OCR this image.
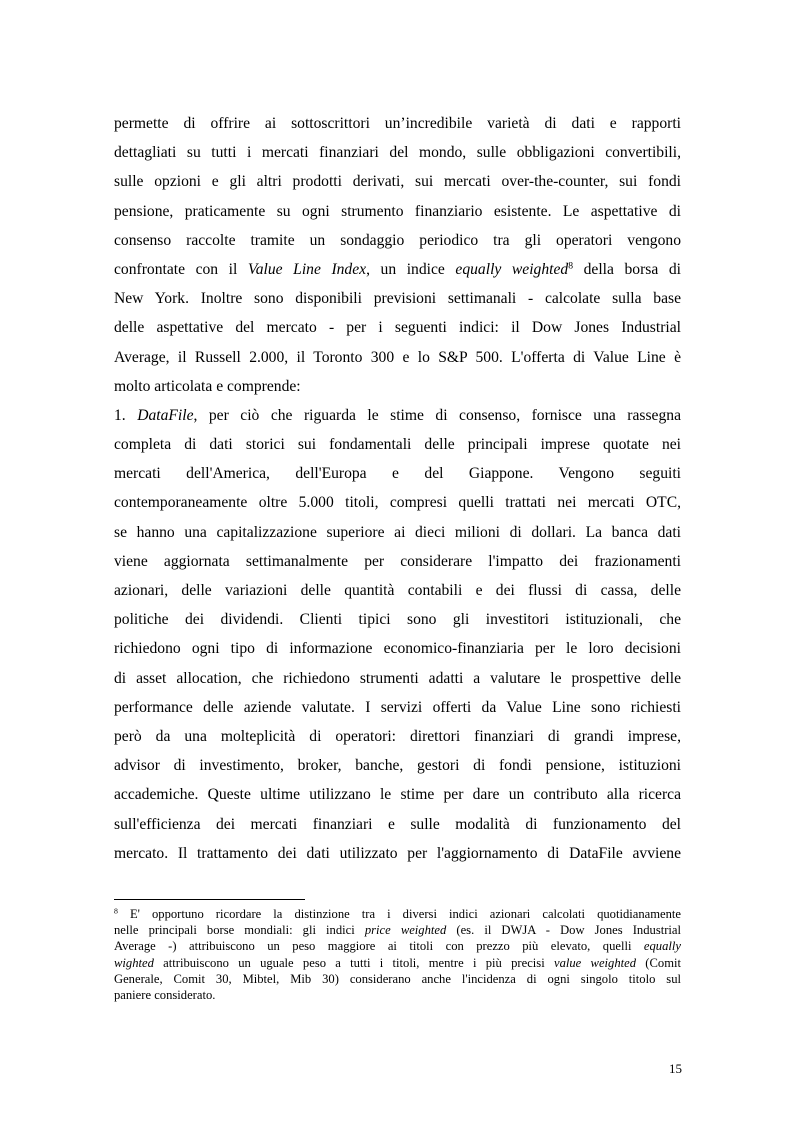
permette di offrire ai sottoscrittori un’incredibile varietà di dati e rapporti
dettagliati su tutti i mercati finanziari del mondo, sulle obbligazioni convertibili,
sulle opzioni e gli altri prodotti derivati, sui mercati over-the-counter, sui fondi
pensione, praticamente su ogni strumento finanziario esistente. Le aspettative di
consenso raccolte tramite un sondaggio periodico tra gli operatori vengono
confrontate con il Value Line Index, un indice equally weighted$^8$ della borsa di
New York. Inoltre sono disponibili previsioni settimanali - calcolate sulla base
delle aspettative del mercato - per i seguenti indici: il Dow Jones Industrial
Average, il Russell 2.000, il Toronto 300 e lo S&P 500. L'offerta di Value Line è
molto articolata e comprende:
1. DataFile, per ciò che riguarda le stime di consenso, fornisce una rassegna
completa di dati storici sui fondamentali delle principali imprese quotate nei
mercati dell'America, dell'Europa e del Giappone. Vengono seguiti
contemporaneamente oltre 5.000 titoli, compresi quelli trattati nei mercati OTC,
se hanno una capitalizzazione superiore ai dieci milioni di dollari. La banca dati
viene aggiornata settimanalmente per considerare l'impatto dei frazionamenti
azionari, delle variazioni delle quantità contabili e dei flussi di cassa, delle
politiche dei dividendi. Clienti tipici sono gli investitori istituzionali, che
richiedono ogni tipo di informazione economico-finanziaria per le loro decisioni
di asset allocation, che richiedono strumenti adatti a valutare le prospettive delle
performance delle aziende valutate. I servizi offerti da Value Line sono richiesti
però da una molteplicità di operatori: direttori finanziari di grandi imprese,
advisor di investimento, broker, banche, gestori di fondi pensione, istituzioni
accademiche. Queste ultime utilizzano le stime per dare un contributo alla ricerca
sull'efficienza dei mercati finanziari e sulle modalità di funzionamento del
mercato. Il trattamento dei dati utilizzato per l'aggiornamento di DataFile avviene
$^8$ E' opportuno ricordare la distinzione tra i diversi indici azionari calcolati quotidianamente
nelle principali borse mondiali: gli indici price weighted (es. il DWJA - Dow Jones Industrial
Average -) attribuiscono un peso maggiore ai titoli con prezzo più elevato, quelli equally
wighted attribuiscono un uguale peso a tutti i titoli, mentre i più precisi value weighted (Comit
Generale, Comit 30, Mibtel, Mib 30) considerano anche l'incidenza di ogni singolo titolo sul
paniere considerato.
15
